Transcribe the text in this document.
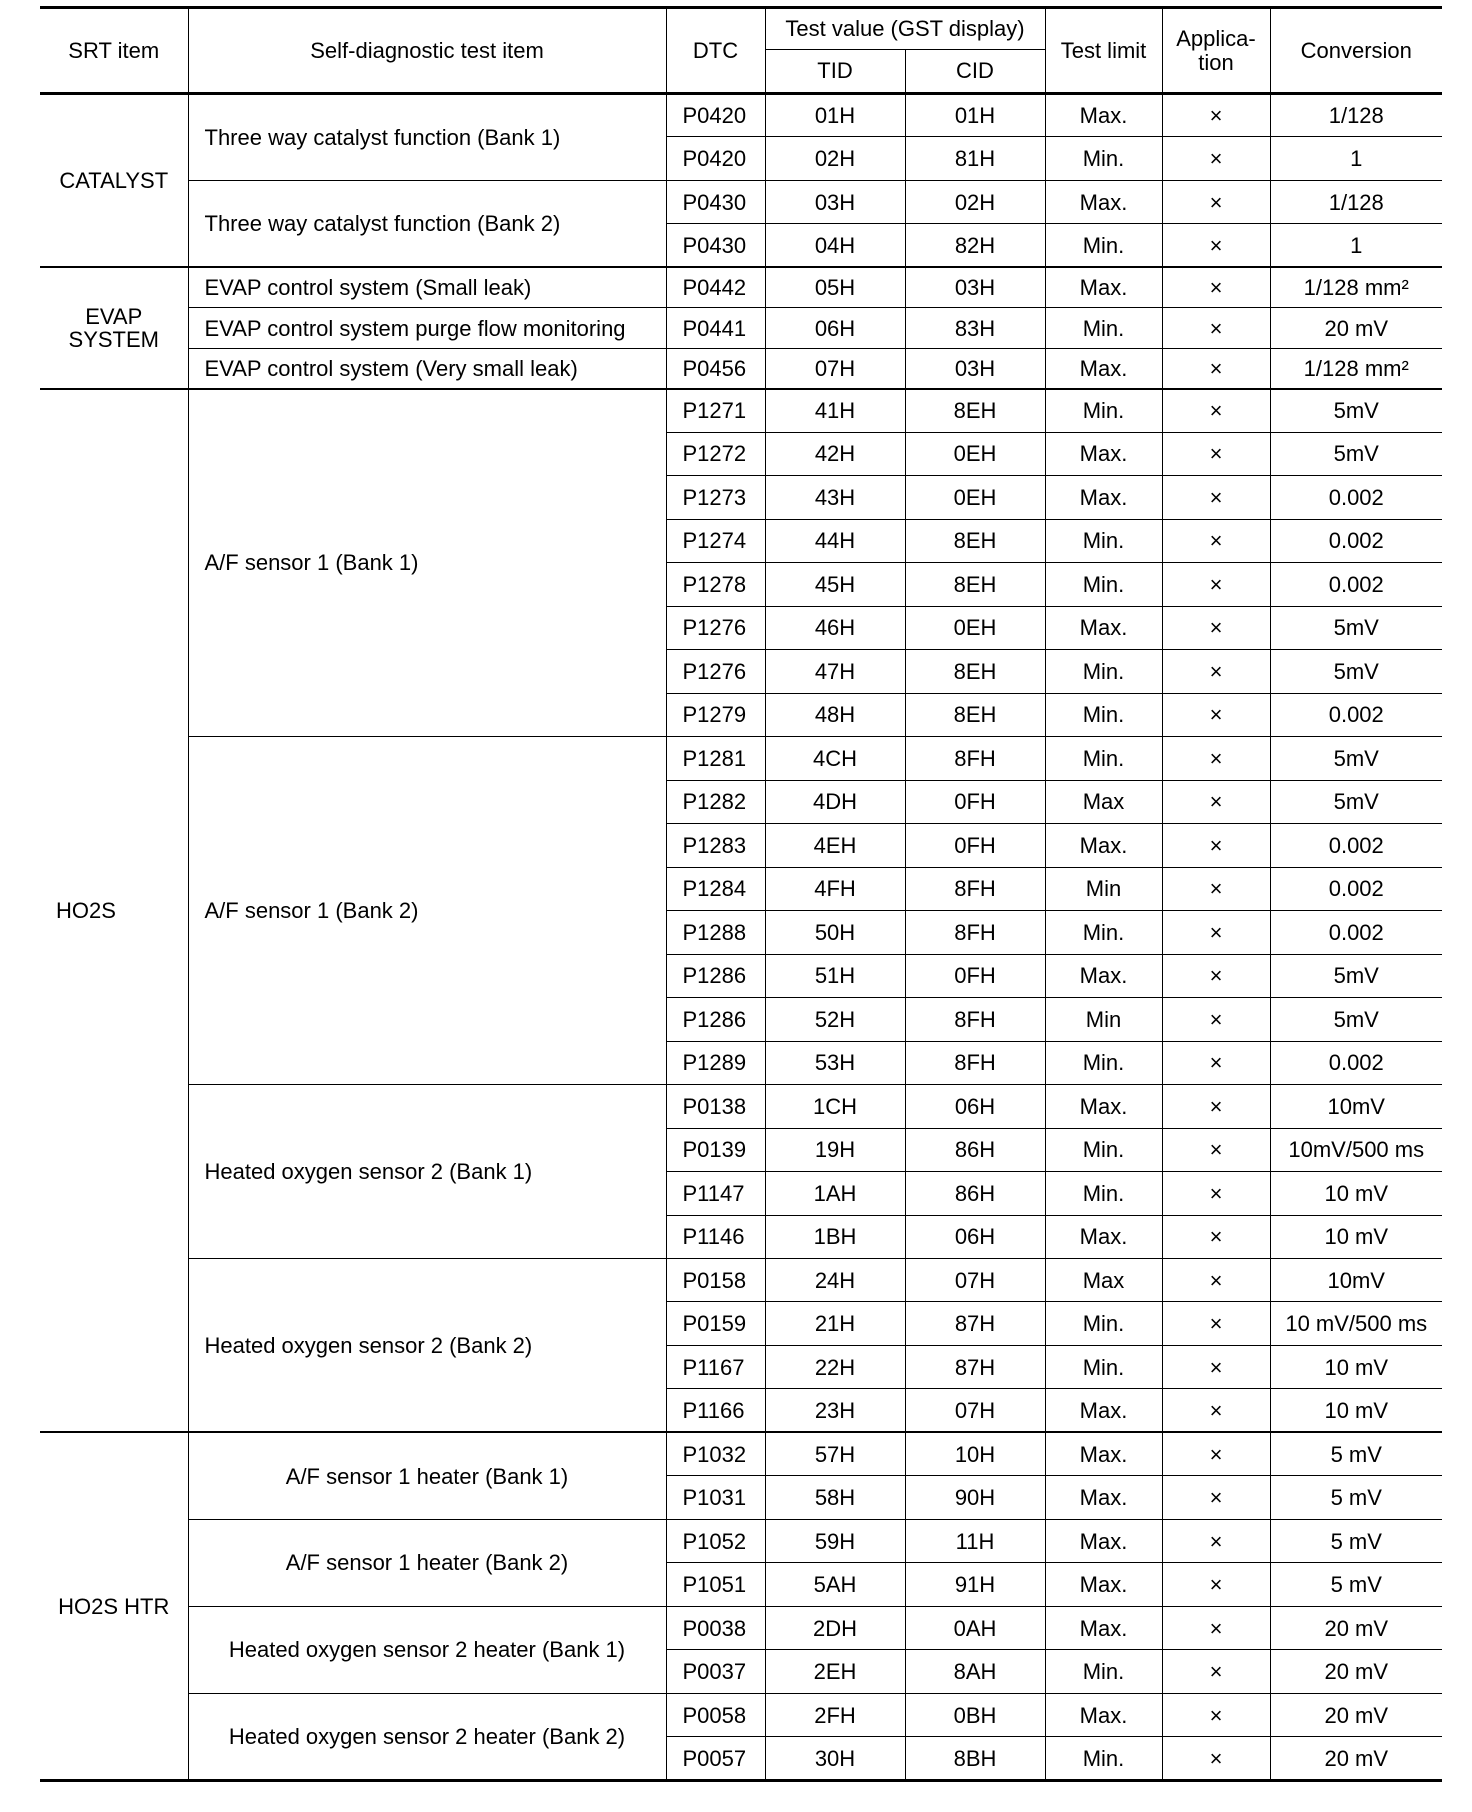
SRT item	Self-diagnostic test item	DTC	Test value (GST display)		Test limit	Applica-tion	Conversion
			TID	CID			
CATALYST	Three way catalyst function (Bank 1)	P0420	01H	01H	Max.	×	1/128
		P0420	02H	81H	Min.	×	1
	Three way catalyst function (Bank 2)	P0430	03H	02H	Max.	×	1/128
		P0430	04H	82H	Min.	×	1
EVAP SYSTEM	EVAP control system (Small leak)	P0442	05H	03H	Max.	×	1/128 mm²
	EVAP control system purge flow monitoring	P0441	06H	83H	Min.	×	20 mV
	EVAP control system (Very small leak)	P0456	07H	03H	Max.	×	1/128 mm²
HO2S	A/F sensor 1 (Bank 1)	P1271	41H	8EH	Min.	×	5mV
		P1272	42H	0EH	Max.	×	5mV
		P1273	43H	0EH	Max.	×	0.002
		P1274	44H	8EH	Min.	×	0.002
		P1278	45H	8EH	Min.	×	0.002
		P1276	46H	0EH	Max.	×	5mV
		P1276	47H	8EH	Min.	×	5mV
		P1279	48H	8EH	Min.	×	0.002
	A/F sensor 1 (Bank 2)	P1281	4CH	8FH	Min.	×	5mV
		P1282	4DH	0FH	Max	×	5mV
		P1283	4EH	0FH	Max.	×	0.002
		P1284	4FH	8FH	Min	×	0.002
		P1288	50H	8FH	Min.	×	0.002
		P1286	51H	0FH	Max.	×	5mV
		P1286	52H	8FH	Min	×	5mV
		P1289	53H	8FH	Min.	×	0.002
	Heated oxygen sensor 2 (Bank 1)	P0138	1CH	06H	Max.	×	10mV
		P0139	19H	86H	Min.	×	10mV/500 ms
		P1147	1AH	86H	Min.	×	10 mV
		P1146	1BH	06H	Max.	×	10 mV
	Heated oxygen sensor 2 (Bank 2)	P0158	24H	07H	Max	×	10mV
		P0159	21H	87H	Min.	×	10 mV/500 ms
		P1167	22H	87H	Min.	×	10 mV
		P1166	23H	07H	Max.	×	10 mV
HO2S HTR	A/F sensor 1 heater (Bank 1)	P1032	57H	10H	Max.	×	5 mV
		P1031	58H	90H	Max.	×	5 mV
	A/F sensor 1 heater (Bank 2)	P1052	59H	11H	Max.	×	5 mV
		P1051	5AH	91H	Max.	×	5 mV
	Heated oxygen sensor 2 heater (Bank 1)	P0038	2DH	0AH	Max.	×	20 mV
		P0037	2EH	8AH	Min.	×	20 mV
	Heated oxygen sensor 2 heater (Bank 2)	P0058	2FH	0BH	Max.	×	20 mV
		P0057	30H	8BH	Min.	×	20 mV
